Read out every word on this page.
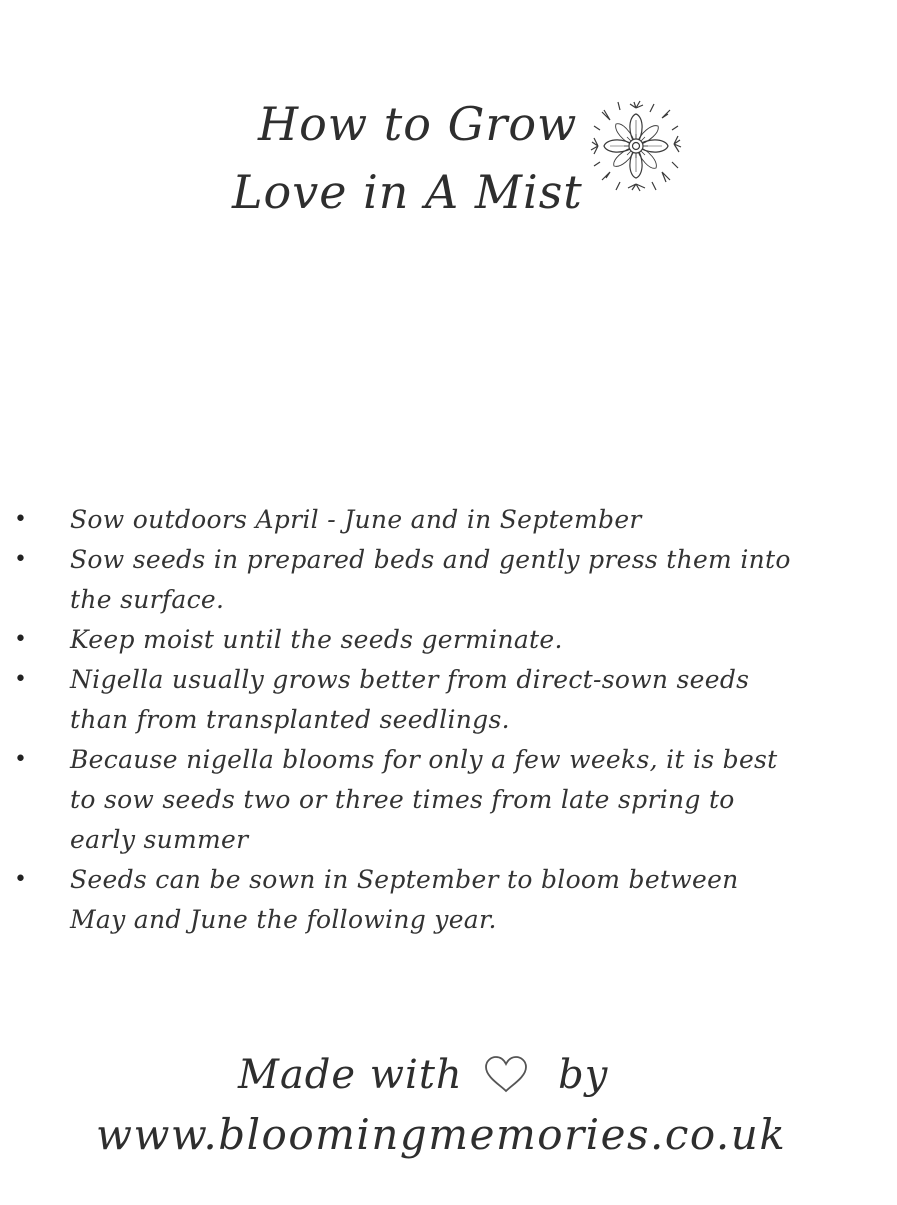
How to Grow
Love in A Mist
• Sow outdoors April - June and in September
• Sow seeds in prepared beds and gently press them into the surface.
• Keep moist until the seeds germinate.
• Nigella usually grows better from direct-sown seeds than from transplanted seedlings.
• Because nigella blooms for only a few weeks, it is best to sow seeds two or three times from late spring to early summer
• Seeds can be sown in September to bloom between May and June the following year.
Made with by
www.bloomingmemories.co.uk
